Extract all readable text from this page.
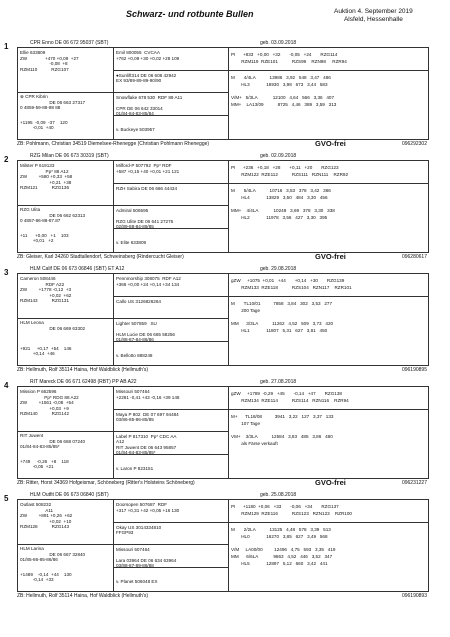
Schwarz- und rotbunte Bullen	Auktion 4. September 2019
Alsfeld, Hessenhalle
1	CPR Enno DE 06 672 95037 (SBT)	geb. 03.09.2018
Ellie 633809
ZW              +470 +0,09  +27
-0,08  +8
RZM110           RZG107
⊗ CPR Kibrin
DE 06 663 27317
0 4859-59-88-88 88
+1195  -0,09  -37    120
-0,01  +40
Emil 800055  CVCAA
+762 +0,09 +30 +0,02 +28 109
●Sunlift314 DE 06 608 42942
EX 93/89-89-89-90/90
Snowflake 678 530  RDF 89 A11
CPR DE 06 642 33014
01/84-84-83-85/84
v. Buckeye 503957
PI      +833   +0,00   +32       -0,05   +24       RZG114
RZM119  RZE101           RZS99    RZN98     RZR94
M       4/4LA           13986   3,92   548   3,47   486
HL3             16930   3,98   673   3,44   583
V/M+   5/3LA            12100   4,64   566   3,36   407
MM+    LA13/09           8725   4,46   389   3,59   313
ZB: Pohlmann, Christian 34519 Diemelsee-Rhenegge (Christian Pohlmann Rhenegge)	GVO-frei	096292302
2	RZG Milan DE 06 673 30319 (SBT)	geb. 02.09.2018
Milster P 619133
Pp* 88 A12
ZW         +580 +0,33  +58
+0,21  +38
RZM121           RZG136
RZG Ulita
DE 06 662 62313
0 4857-86-88-87.87
+11      +0,00   +1    103
+0,01   +2
Milford-P 507792  Pp* RDF
+587 +0,15 +40 +0,01 +21 121
RZH Sabira DE 06 666 44434
Admiral 506595
RZG Ulite DE 06 641 27276
02/89-88-84-89/85
v. Elite 633809
PI      +236   +0,18   +28       +0,11   +20       RZG123
RZM122  RZE112           RZS111   RZN111    RZR92
M       5/4LA           10716   3,53   378   3,42   366
HL4             13829   3,50   484   3,30   456
MM+    4/4LA            10248   3,69   378   3,30   338
HL2             11978   3,56   427   3,30   395
ZB: Gleiser, Karl 34260 Stadtallendorf, Schweinsberg (Rindercucht Gleiser)	GVO-frei	096280617
3	HLM Calif DE 06 673 06846 (SBT) ET A12	geb. 29.08.2018
Cameron 508446
RDF A22
ZW         +1778 -0,12  +3
+0,02  +62
RZM143           RZG131
HLM Leona
DE 06 669 63302
+921     +0,17  +54    146
+0,14  +46
Pennmorship 308075  RDF A12
+366 +0,00 +24 +0,14 +34 134
Callo US 3126826264
Lighter 507859   SU
HLM Lucie DE 06 665 58256
01/88-87-84-86/86
v. Bellotto 888248
gZW     +1075  +0,01   +44       +0,14   +30       RZG139
RZM133  RZE118           RZS104   RZN117    RZR101
M       TL10/01          7858   3,84   302   3,53   277
200 Tage
MM      3/3LA           11262   4,52   509   3,73   420
HL1             11807   5,31   627   3,81   450
ZB: Hellmuth, Rolf 35114 Haina, Hof Waldblick (Hellmuth's)	096190895
4	RIT Mareck DE 06 671 62498 (RBT) PP AB A22	geb. 27.08.2018
Mission P 662596
Pp* RDG 88 A22
ZW         +1561 -0,08  +54
+0,03  +9
RZM140           RZG142
RIT Juwent
DE 06 668 07240
01/84-84-83-85/85*
+749     -0,26   +8    118
-0,05  +21
Missouri 507464
+2281 -0,41 +43 -0,16 +39 148
Maya P 802  DE 07 697 94484
03/86-85-86-85/85
Label P 817310  Pp* CDC AA
A12
RIT Juwent DE 06 643 95857
01/84-84-83-85/85*
v. Laron P 823151
gZW     +1789  -0,29   +45       -0,14   +47       RZG138
RZM134  RZE114           RZS114   RZN116    RZR94
M+      TL18/08          3941   3,22   127   3,37   133
107 Tage
VM+    3/3LA           12584   3,83   485   3,86   480
als Färse verkauft
ZB: Ritter, Horst 34369 Hofgeismar, Schöneberg (Ritter's Holsteins Schöneberg)	GVO-frei	096231227
5	HLM Outfit DE 06 673 06840 (SBT)	geb. 25.08.2018
Outlast 508232
A11
ZW         +891 +0,26  +62
+0,02  +10
RZM128           RZG143
HLM Larina
DE 06 667 32840
01/85-86-85-86/86
+1489    -0,14  +44    130
-0,14  +33
Doorsopen 507687  RDF
+317 +0,31 +42 +0,05 +16 130
Okay US 3014334810
FFGP93
Missouri 507464
Lara 03964 DE 06 634 63964
03/88-87-89-86/88
v. Planet 506048 EX
PI      +1180  +0,06   +33       -0,06   +34       RZG137
RZM129  RZE116           RZS123   RZN123    RZR100
M       2/2LA           13125   4,48   578   3,39   513
HL0             16270   3,85   627   3,49   568
V/M     LA00/00         12496   4,75   593   3,35   419
MM      6/6LA            9863   4,52   446   3,52   347
HL5             12897   5,12   660   3,42   441
ZB: Hellmuth, Rolf 35114 Haina, Hof Waldblick (Hellmuth's)	096190893
